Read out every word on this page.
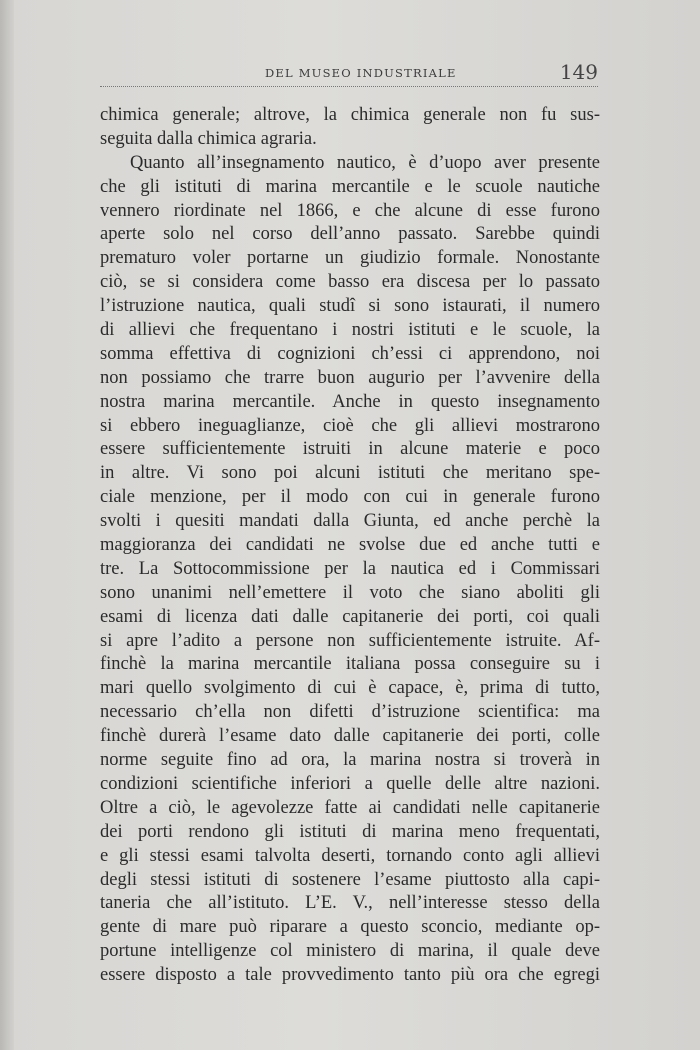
DEL MUSEO INDUSTRIALE	149
chimica generale; altrove, la chimica generale non fu sus-
seguita dalla chimica agraria.
Quanto all’insegnamento nautico, è d’uopo aver presente
che gli istituti di marina mercantile e le scuole nautiche
vennero riordinate nel 1866, e che alcune di esse furono
aperte solo nel corso dell’anno passato. Sarebbe quindi
prematuro voler portarne un giudizio formale. Nonostante
ciò, se si considera come basso era discesa per lo passato
l’istruzione nautica, quali studî si sono istaurati, il numero
di allievi che frequentano i nostri istituti e le scuole, la
somma effettiva di cognizioni ch’essi ci apprendono, noi
non possiamo che trarre buon augurio per l’avvenire della
nostra marina mercantile. Anche in questo insegnamento
si ebbero ineguaglianze, cioè che gli allievi mostrarono
essere sufficientemente istruiti in alcune materie e poco
in altre. Vi sono poi alcuni istituti che meritano spe-
ciale menzione, per il modo con cui in generale furono
svolti i quesiti mandati dalla Giunta, ed anche perchè la
maggioranza dei candidati ne svolse due ed anche tutti e
tre. La Sottocommissione per la nautica ed i Commissari
sono unanimi nell’emettere il voto che siano aboliti gli
esami di licenza dati dalle capitanerie dei porti, coi quali
si apre l’adito a persone non sufficientemente istruite. Af-
finchè la marina mercantile italiana possa conseguire su i
mari quello svolgimento di cui è capace, è, prima di tutto,
necessario ch’ella non difetti d’istruzione scientifica: ma
finchè durerà l’esame dato dalle capitanerie dei porti, colle
norme seguite fino ad ora, la marina nostra si troverà in
condizioni scientifiche inferiori a quelle delle altre nazioni.
Oltre a ciò, le agevolezze fatte ai candidati nelle capitanerie
dei porti rendono gli istituti di marina meno frequentati,
e gli stessi esami talvolta deserti, tornando conto agli allievi
degli stessi istituti di sostenere l’esame piuttosto alla capi-
taneria che all’istituto. L’E. V., nell’interesse stesso della
gente di mare può riparare a questo sconcio, mediante op-
portune intelligenze col ministero di marina, il quale deve
essere disposto a tale provvedimento tanto più ora che egregi
